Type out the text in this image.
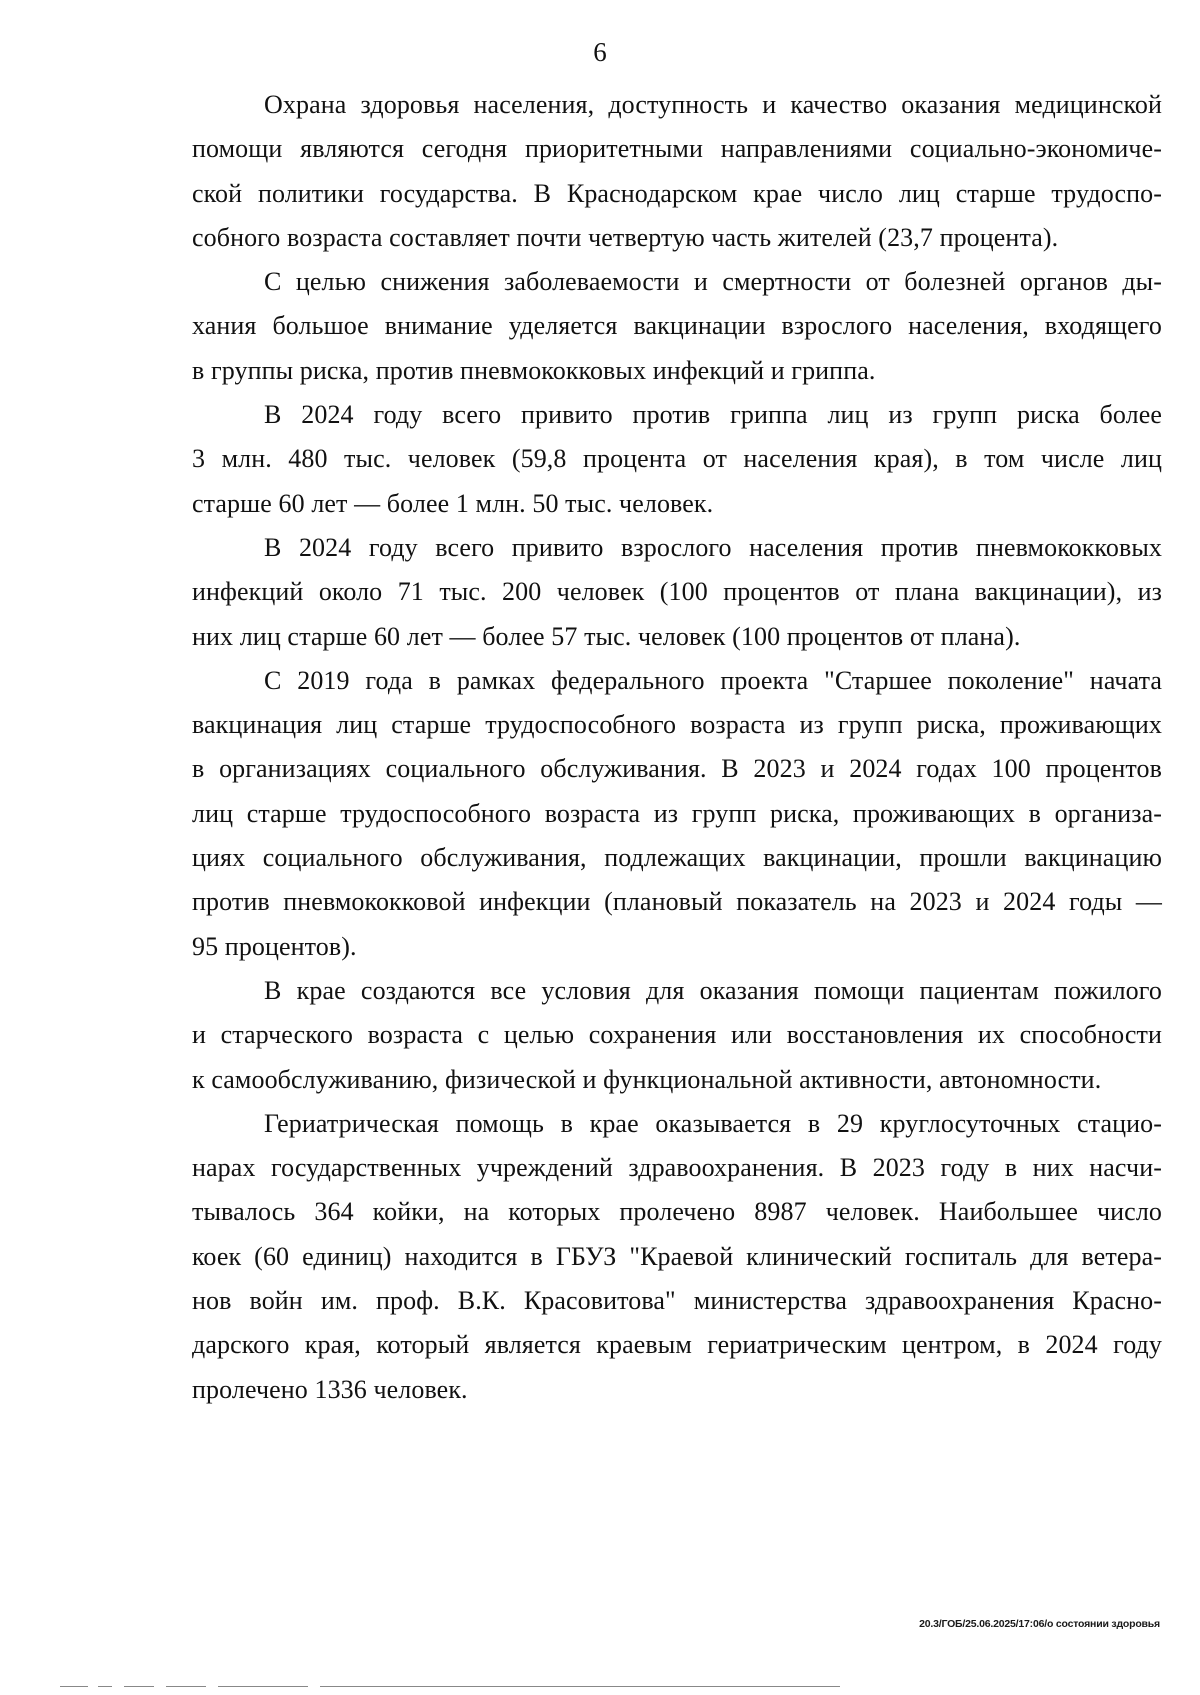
6
Охрана здоровья населения, доступность и качество оказания медицинской
помощи являются сегодня приоритетными направлениями социально-экономиче-
ской политики государства. В Краснодарском крае число лиц старше трудоспо-
собного возраста составляет почти четвертую часть жителей (23,7 процента).
С целью снижения заболеваемости и смертности от болезней органов ды-
хания большое внимание уделяется вакцинации взрослого населения, входящего
в группы риска, против пневмококковых инфекций и гриппа.
В 2024 году всего привито против гриппа лиц из групп риска более
3 млн. 480 тыс. человек (59,8 процента от населения края), в том числе лиц
старше 60 лет — более 1 млн. 50 тыс. человек.
В 2024 году всего привито взрослого населения против пневмококковых
инфекций около 71 тыс. 200 человек (100 процентов от плана вакцинации), из
них лиц старше 60 лет — более 57 тыс. человек (100 процентов от плана).
С 2019 года в рамках федерального проекта "Старшее поколение" начата
вакцинация лиц старше трудоспособного возраста из групп риска, проживающих
в организациях социального обслуживания. В 2023 и 2024 годах 100 процентов
лиц старше трудоспособного возраста из групп риска, проживающих в организа-
циях социального обслуживания, подлежащих вакцинации, прошли вакцинацию
против пневмококковой инфекции (плановый показатель на 2023 и 2024 годы —
95 процентов).
В крае создаются все условия для оказания помощи пациентам пожилого
и старческого возраста с целью сохранения или восстановления их способности
к самообслуживанию, физической и функциональной активности, автономности.
Гериатрическая помощь в крае оказывается в 29 круглосуточных стацио-
нарах государственных учреждений здравоохранения. В 2023 году в них насчи-
тывалось 364 койки, на которых пролечено 8987 человек. Наибольшее число
коек (60 единиц) находится в ГБУЗ "Краевой клинический госпиталь для ветера-
нов войн им. проф. В.К. Красовитова" министерства здравоохранения Красно-
дарского края, который является краевым гериатрическим центром, в 2024 году
пролечено 1336 человек.
20.3/ГОБ/25.06.2025/17:06/о состоянии здоровья
